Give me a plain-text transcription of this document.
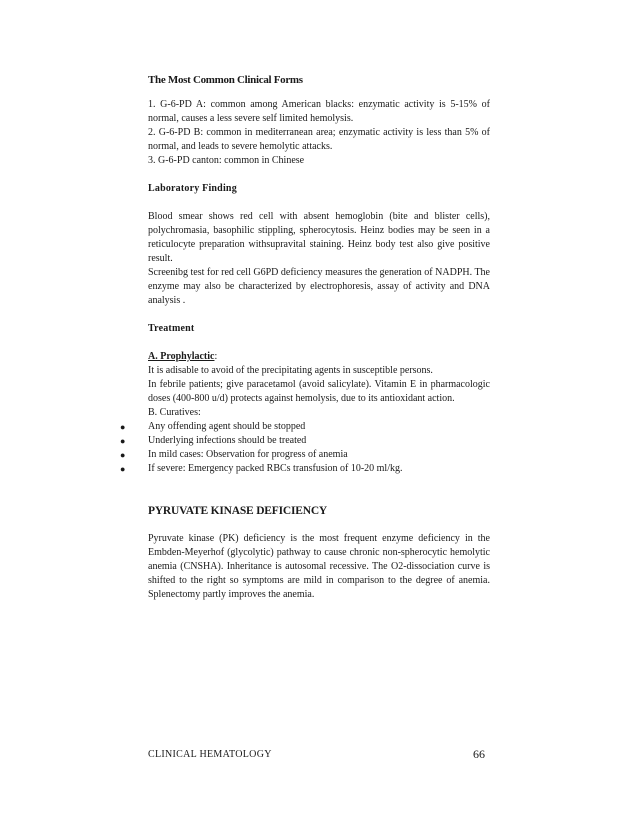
The Most Common Clinical Forms

1. G-6-PD A: common among American blacks: enzymatic activity is 5-15% of normal, causes a less severe self limited hemolysis.

2. G-6-PD B: common in mediterranean area; enzymatic activity is less than 5% of normal, and leads to severe hemolytic attacks.

3. G-6-PD canton: common in Chinese

Laboratory Finding

Blood smear shows red cell with absent hemoglobin (bite and blister cells), polychromasia, basophilic stippling, spherocytosis. Heinz bodies may be seen in a reticulocyte preparation withsupravital staining. Heinz body test also give positive result.

Screenibg test for red cell G6PD deficiency measures the generation of NADPH. The enzyme may also be characterized by electrophoresis, assay of activity and DNA analysis .

Treatment

A. Prophylactic:

It is adisable to avoid of the precipitating agents in susceptible persons.

In febrile patients; give paracetamol (avoid salicylate). Vitamin E in pharmacologic doses (400-800 u/d) protects against hemolysis, due to its antioxidant action.

B. Curatives:

● Any offending agent should be stopped
● Underlying infections should be treated
● In mild cases: Observation for progress of anemia
● If severe: Emergency packed RBCs transfusion of 10-20 ml/kg.

PYRUVATE KINASE DEFICIENCY

Pyruvate kinase (PK) deficiency is the most frequent enzyme deficiency in the Embden-Meyerhof (glycolytic) pathway to cause chronic non-spherocytic hemolytic anemia (CNSHA). Inheritance is autosomal recessive. The O2-dissociation curve is shifted to the right so symptoms are mild in comparison to the degree of anemia. Splenectomy partly improves the anemia.

CLINICAL HEMATOLOGY	66
